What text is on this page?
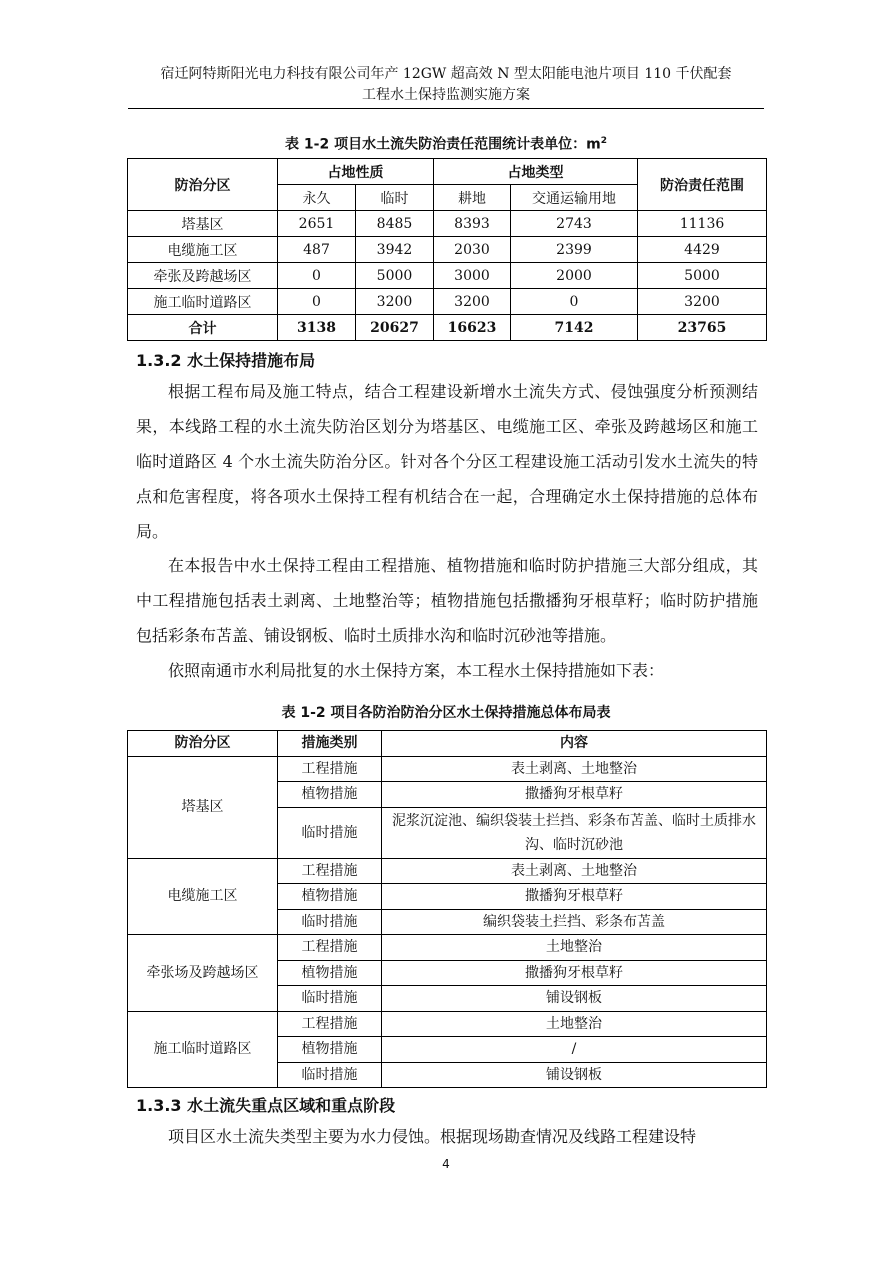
宿迁阿特斯阳光电力科技有限公司年产 12GW 超高效 N 型太阳能电池片项目 110 千伏配套
工程水土保持监测实施方案
表 1-2 项目水土流失防治责任范围统计表单位：$m^2$
防治分区	占地性质		占地类型		防治责任范围
	永久	临时	耕地	交通运输用地	
塔基区	2651	8485	8393	2743	11136
电缆施工区	487	3942	2030	2399	4429
牵张及跨越场区	0	5000	3000	2000	5000
施工临时道路区	0	3200	3200	0	3200
合计	3138	20627	16623	7142	23765
1.3.2 水土保持措施布局

根据工程布局及施工特点，结合工程建设新增水土流失方式、侵蚀强度分析预测结果，本线路工程的水土流失防治区划分为塔基区、电缆施工区、牵张及跨越场区和施工临时道路区 4 个水土流失防治分区。针对各个分区工程建设施工活动引发水土流失的特点和危害程度，将各项水土保持工程有机结合在一起，合理确定水土保持措施的总体布局。

在本报告中水土保持工程由工程措施、植物措施和临时防护措施三大部分组成，其中工程措施包括表土剥离、土地整治等；植物措施包括撒播狗牙根草籽；临时防护措施包括彩条布苫盖、铺设钢板、临时土质排水沟和临时沉砂池等措施。

依照南通市水利局批复的水土保持方案，本工程水土保持措施如下表：

表 1-2 项目各防治防治分区水土保持措施总体布局表
防治分区	措施类别	内容
塔基区	工程措施	表土剥离、土地整治
	植物措施	撒播狗牙根草籽
	临时措施	泥浆沉淀池、编织袋装土拦挡、彩条布苫盖、临时土质排水沟、临时沉砂池
电缆施工区	工程措施	表土剥离、土地整治
	植物措施	撒播狗牙根草籽
	临时措施	编织袋装土拦挡、彩条布苫盖
牵张场及跨越场区	工程措施	土地整治
	植物措施	撒播狗牙根草籽
	临时措施	铺设钢板
施工临时道路区	工程措施	土地整治
	植物措施	/
	临时措施	铺设钢板
1.3.3 水土流失重点区域和重点阶段

项目区水土流失类型主要为水力侵蚀。根据现场勘查情况及线路工程建设特

4
